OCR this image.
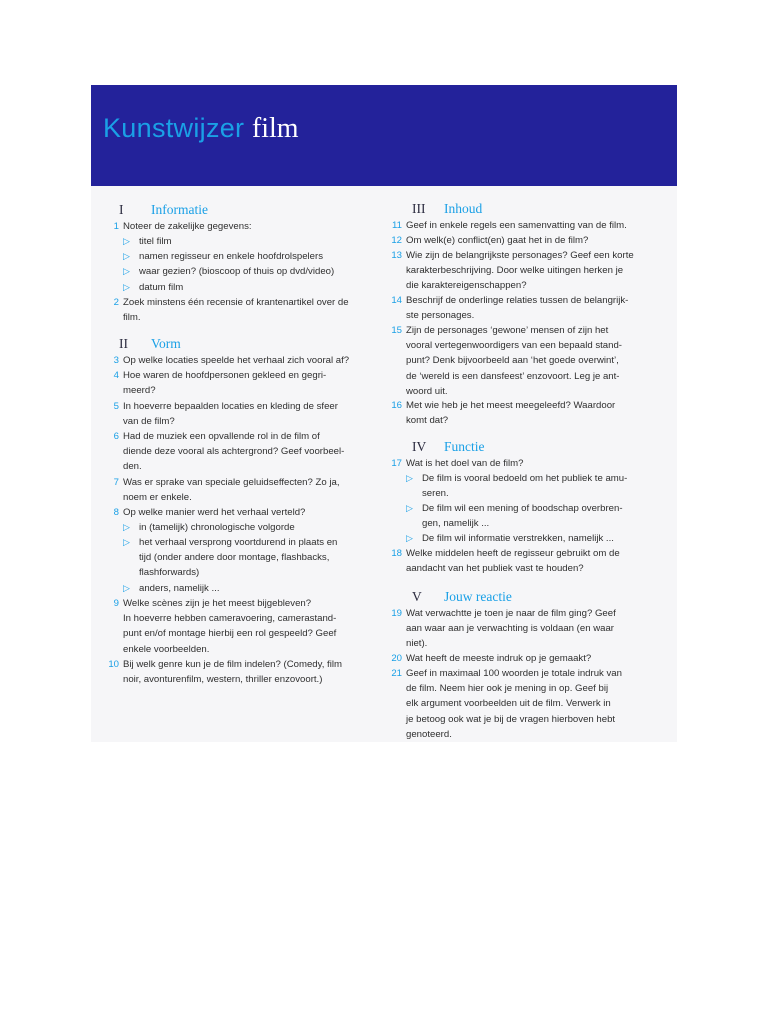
Kunstwijzer film
I Informatie
1 Noteer de zakelijke gegevens:
▷ titel film
▷ namen regisseur en enkele hoofdrolspelers
▷ waar gezien? (bioscoop of thuis op dvd/video)
▷ datum film
2 Zoek minstens één recensie of krantenartikel over de
film.
II Vorm
3 Op welke locaties speelde het verhaal zich vooral af?
4 Hoe waren de hoofdpersonen gekleed en gegri-
meerd?
5 In hoeverre bepaalden locaties en kleding de sfeer
van de film?
6 Had de muziek een opvallende rol in de film of
diende deze vooral als achtergrond? Geef voorbeel-
den.
7 Was er sprake van speciale geluidseffecten? Zo ja,
noem er enkele.
8 Op welke manier werd het verhaal verteld?
▷ in (tamelijk) chronologische volgorde
▷ het verhaal versprong voortdurend in plaats en
tijd (onder andere door montage, flashbacks,
flashforwards)
▷ anders, namelijk ...
9 Welke scènes zijn je het meest bijgebleven?
In hoeverre hebben cameravoering, camerastand-
punt en/of montage hierbij een rol gespeeld? Geef
enkele voorbeelden.
10 Bij welk genre kun je de film indelen? (Comedy, film
noir, avonturenfilm, western, thriller enzovoort.)
III Inhoud
11 Geef in enkele regels een samenvatting van de film.
12 Om welk(e) conflict(en) gaat het in de film?
13 Wie zijn de belangrijkste personages? Geef een korte
karakterbeschrijving. Door welke uitingen herken je
die karaktereigenschappen?
14 Beschrijf de onderlinge relaties tussen de belangrijk-
ste personages.
15 Zijn de personages ‘gewone’ mensen of zijn het
vooral vertegenwoordigers van een bepaald stand-
punt? Denk bijvoorbeeld aan ‘het goede overwint’,
de ‘wereld is een dansfeest’ enzovoort. Leg je ant-
woord uit.
16 Met wie heb je het meest meegeleefd? Waardoor
komt dat?
IV Functie
17 Wat is het doel van de film?
▷ De film is vooral bedoeld om het publiek te amu-
seren.
▷ De film wil een mening of boodschap overbren-
gen, namelijk ...
▷ De film wil informatie verstrekken, namelijk ...
18 Welke middelen heeft de regisseur gebruikt om de
aandacht van het publiek vast te houden?
V Jouw reactie
19 Wat verwachtte je toen je naar de film ging? Geef
aan waar aan je verwachting is voldaan (en waar
niet).
20 Wat heeft de meeste indruk op je gemaakt?
21 Geef in maximaal 100 woorden je totale indruk van
de film. Neem hier ook je mening in op. Geef bij
elk argument voorbeelden uit de film. Verwerk in
je betoog ook wat je bij de vragen hierboven hebt
genoteerd.
